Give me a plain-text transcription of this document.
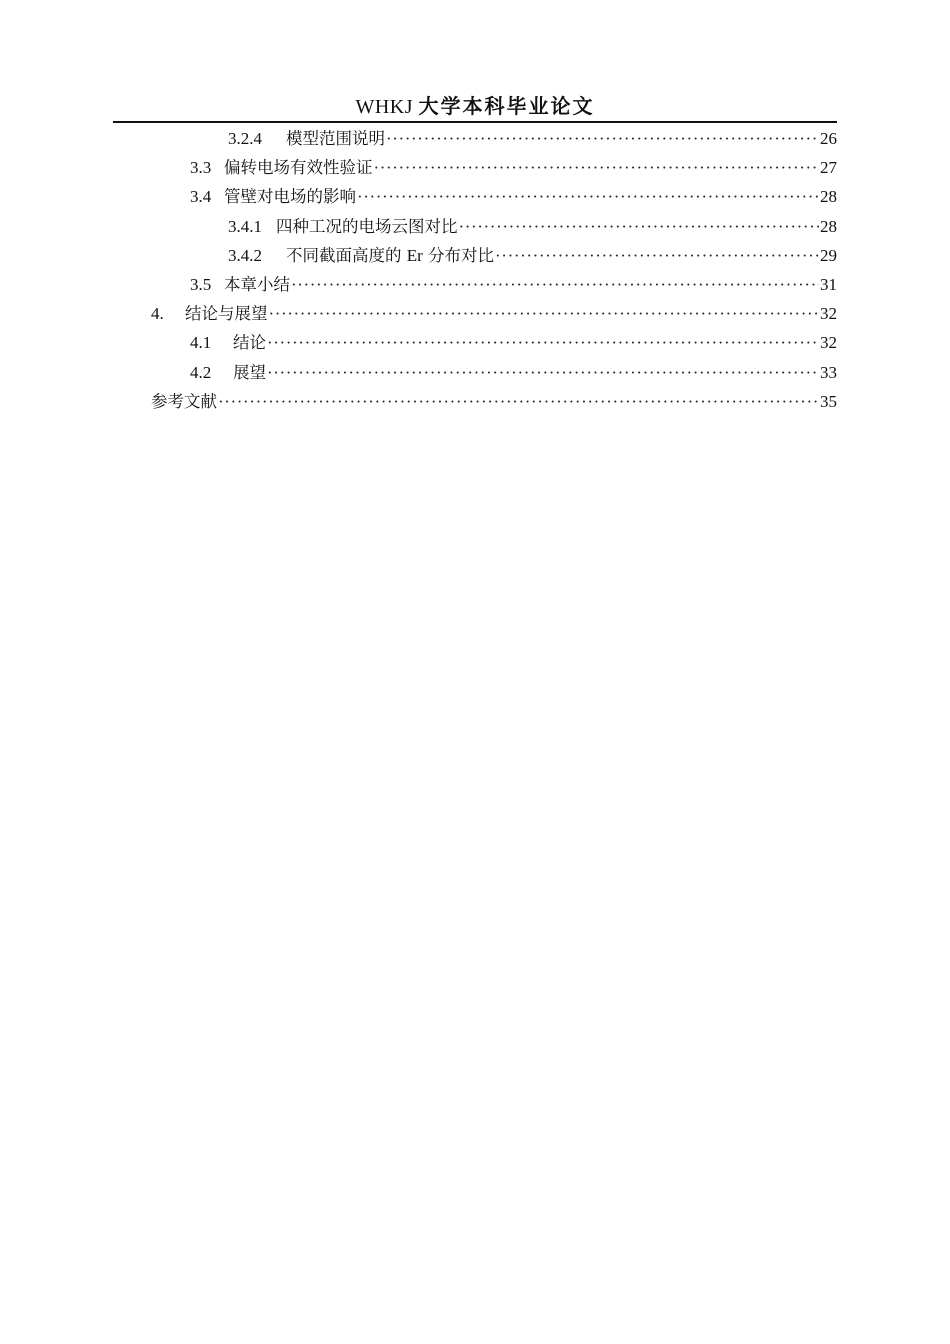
WHKJ 大学本科毕业论文
3.2.4	模型范围说明 ·····	26
3.3 偏转电场有效性验证 ·····	27
3.4 管壁对电场的影响 ·····	28
3.4.1 四种工况的电场云图对比 ·····	28
3.4.2	不同截面高度的 Er 分布对比 ·····	29
3.5 本章小结 ·····	31
4.	结论与展望 ·····	32
4.1	结论 ·····	32
4.2	展望 ·····	33
参考文献 ·····	35
